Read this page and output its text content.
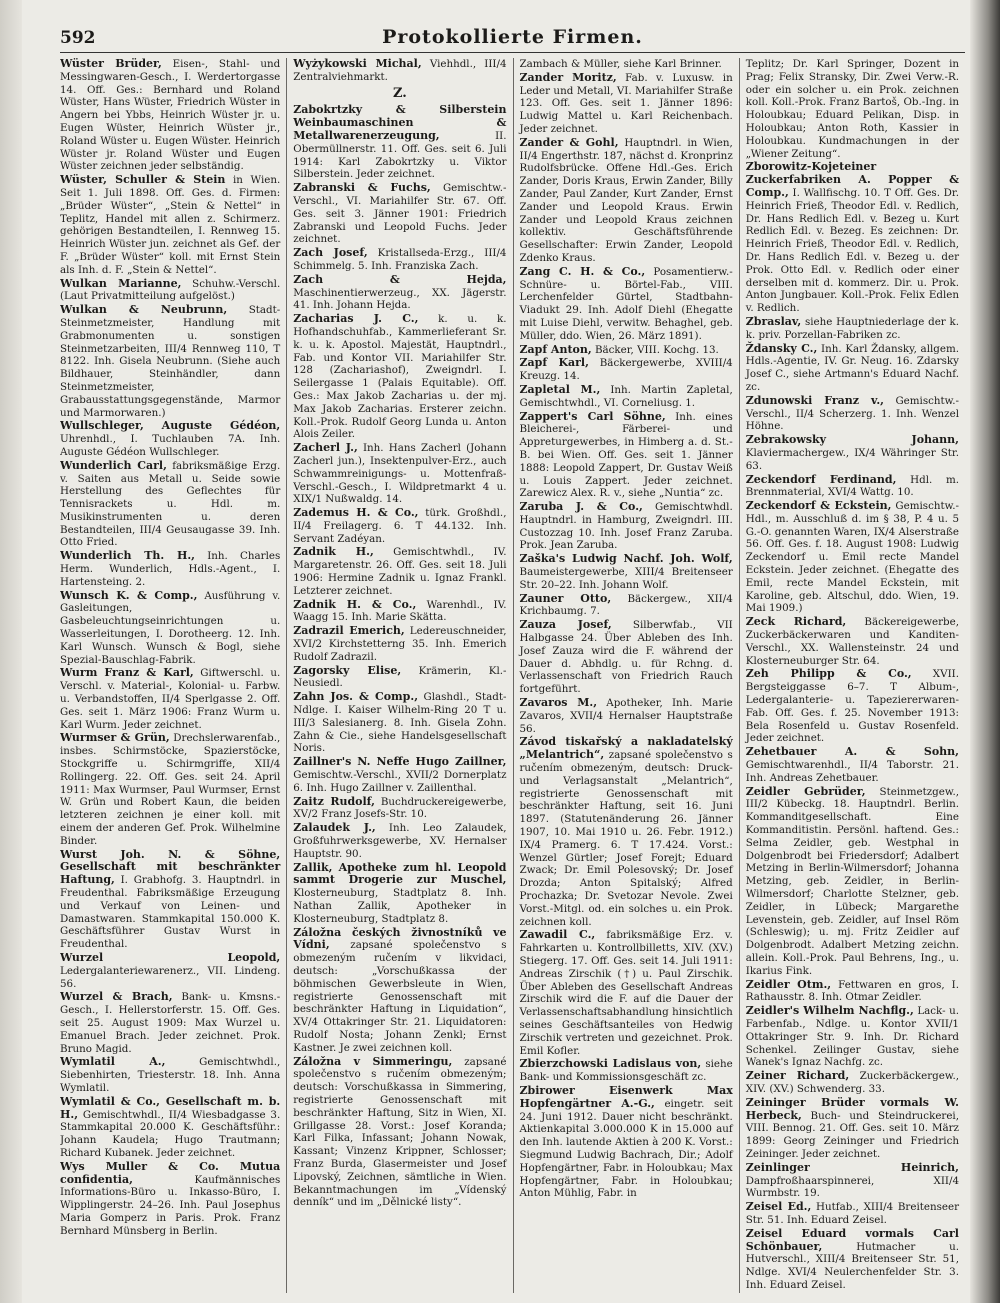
592	Protokollierte Firmen.

Wüster Brüder, Eisen-, Stahl- und Messingwaren-Gesch., I. Werdertorgasse 14. Off. Ges.: Bernhard und Roland Wüster, Hans Wüster, Friedrich Wüster in Angern bei Ybbs, Heinrich Wüster jr. u. Eugen Wüster, Heinrich Wüster jr., Roland Wüster u. Eugen Wüster. Heinrich Wüster jr. Roland Wüster und Eugen Wüster zeichnen jeder selbständig.

Wüster, Schuller & Stein in Wien. Seit 1. Juli 1898. Off. Ges. d. Firmen: „Brüder Wüster“, „Stein & Nettel“ in Teplitz, Handel mit allen z. Schirmerz. gehörigen Bestandteilen, I. Rennweg 15. Heinrich Wüster jun. zeichnet als Gef. der F. „Brüder Wüster“ koll. mit Ernst Stein als Inh. d. F. „Stein & Nettel“.

Wulkan Marianne, Schuhw.-Verschl. (Laut Privatmitteilung aufgelöst.)

Wulkan & Neubrunn, Stadt-Steinmetzmeister, Handlung mit Grabmonumenten u. sonstigen Steinmetzarbeiten, III/4 Rennweg 110, T 8122. Inh. Gisela Neubrunn. (Siehe auch Bildhauer, Steinhändler, dann Steinmetzmeister, Grabausstattungsgegenstände, Marmor und Marmorwaren.)

Wullschleger, Auguste Gédéon, Uhrenhdl., I. Tuchlauben 7A. Inh. Auguste Gédéon Wullschleger.

Wunderlich Carl, fabriksmäßige Erzg. v. Saiten aus Metall u. Seide sowie Herstellung des Geflechtes für Tennisrackets u. Hdl. m. Musikinstrumenten u. deren Bestandteilen, III/4 Geusaugasse 39. Inh. Otto Fried.

Wunderlich Th. H., Inh. Charles Herm. Wunderlich, Hdls.-Agent., I. Hartensteing. 2.

Wunsch K. & Comp., Ausführung v. Gasleitungen, Gasbeleuchtungseinrichtungen u. Wasserleitungen, I. Dorotheerg. 12. Inh. Karl Wunsch. Wunsch & Bogl, siehe Spezial-Bauschlag-Fabrik.

Wurm Franz & Karl, Giftwerschl. u. Verschl. v. Material-, Kolonial- u. Farbw. u. Verbandstoffen, II/4 Sperlgasse 2. Off. Ges. seit 1. März 1906: Franz Wurm u. Karl Wurm. Jeder zeichnet.

Wurmser & Grün, Drechslerwarenfab., insbes. Schirmstöcke, Spazierstöcke, Stockgriffe u. Schirmgriffe, XII/4 Rollingerg. 22. Off. Ges. seit 24. April 1911: Max Wurmser, Paul Wurmser, Ernst W. Grün und Robert Kaun, die beiden letzteren zeichnen je einer koll. mit einem der anderen Gef. Prok. Wilhelmine Binder.

Wurst Joh. N. & Söhne, Gesellschaft mit beschränkter Haftung, I. Grabhofg. 3. Hauptndrl. in Freudenthal. Fabriksmäßige Erzeugung und Verkauf von Leinen- und Damastwaren. Stammkapital 150.000 K. Geschäftsführer Gustav Wurst in Freudenthal.

Wurzel Leopold, Ledergalanteriewarenerz., VII. Lindeng. 56.

Wurzel & Brach, Bank- u. Kmsns.-Gesch., I. Hellerstorferstr. 15. Off. Ges. seit 25. August 1909: Max Wurzel u. Emanuel Brach. Jeder zeichnet. Prok. Bruno Magid.

Wymlatil A., Gemischtwhdl., Siebenhirten, Triesterstr. 18. Inh. Anna Wymlatil.

Wymlatil & Co., Gesellschaft m. b. H., Gemischtwhdl., II/4 Wiesbadgasse 3. Stammkapital 20.000 K. Geschäftsführ.: Johann Kaudela; Hugo Trautmann; Richard Kubanek. Jeder zeichnet.

Wys Muller & Co. Mutua confidentia, Kaufmännisches Informations-Büro u. Inkasso-Büro, I. Wipplingerstr. 24–26. Inh. Paul Josephus Maria Gomperz in Paris. Prok. Franz Bernhard Münsberg in Berlin.

Wyżykowski Michal, Viehhdl., III/4 Zentralviehmarkt.

Z.

Zabokrtzky & Silberstein Weinbaumaschinen & Metallwarenerzeugung, II. Obermüllnerstr. 11. Off. Ges. seit 6. Juli 1914: Karl Zabokrtzky u. Viktor Silberstein. Jeder zeichnet.

Zabranski & Fuchs, Gemischtw.-Verschl., VI. Mariahilfer Str. 67. Off. Ges. seit 3. Jänner 1901: Friedrich Zabranski und Leopold Fuchs. Jeder zeichnet.

Zach Josef, Kristallseda-Erzg., III/4 Schimmelg. 5. Inh. Franziska Zach.

Zach & Hejda, Maschinentierwerzeug., XX. Jägerstr. 41. Inh. Johann Hejda.

Zacharias J. C., k. u. k. Hofhandschuhfab., Kammerlieferant Sr. k. u. k. Apostol. Majestät, Hauptndrl., Fab. und Kontor VII. Mariahilfer Str. 128 (Zachariashof), Zweigndrl. I. Seilergasse 1 (Palais Equitable). Off. Ges.: Max Jakob Zacharias u. der mj. Max Jakob Zacharias. Ersterer zeichn. Koll.-Prok. Rudolf Georg Lunda u. Anton Alois Zeiler.

Zacherl J., Inh. Hans Zacherl (Johann Zacherl jun.), Insektenpulver-Erz., auch Schwammreinigungs- u. Mottenfraß-Verschl.-Gesch., I. Wildpretmarkt 4 u. XIX/1 Nußwaldg. 14.

Zademus H. & Co., türk. Großhdl., II/4 Freilagerg. 6. T 44.132. Inh. Servant Zadéyan.

Zadnik H., Gemischtwhdl., IV. Margaretenstr. 26. Off. Ges. seit 18. Juli 1906: Hermine Zadnik u. Ignaz Frankl. Letzterer zeichnet.

Zadnik H. & Co., Warenhdl., IV. Waagg 15. Inh. Marie Skätta.

Zadrazil Emerich, Ledereuschneider, XVI/2 Kirchstetterng 35. Inh. Emerich Rudolf Zadrazil.

Zagorsky Elise, Krämerin, Kl.-Neusiedl.

Zahn Jos. & Comp., Glashdl., Stadt-Ndlge. I. Kaiser Wilhelm-Ring 20 T u. III/3 Salesianerg. 8. Inh. Gisela Zohn. Zahn & Cie., siehe Handelsgesellschaft Noris.

Zaillner's N. Neffe Hugo Zaillner, Gemischtw.-Verschl., XVII/2 Dornerplatz 6. Inh. Hugo Zaillner v. Zaillenthal.

Zaitz Rudolf, Buchdruckereigewerbe, XV/2 Franz Josefs-Str. 10.

Zalaudek J., Inh. Leo Zalaudek, Großfuhrwerksgewerbe, XV. Hernalser Hauptstr. 90.

Zallik, Apotheke zum hl. Leopold sammt Drogerie zur Muschel, Klosterneuburg, Stadtplatz 8. Inh. Nathan Zallik, Apotheker in Klosterneuburg, Stadtplatz 8.

Záložna českých živnostníků ve Vídni, zapsané společenstvo s obmezeným ručením v likvidaci, deutsch: „Vorschußkassa der böhmischen Gewerbsleute in Wien, registrierte Genossenschaft mit beschränkter Haftung in Liquidation“, XV/4 Ottakringer Str. 21. Liquidatoren: Rudolf Nosta; Johann Zenkl; Ernst Kastner. Je zwei zeichnen koll.

Záložna v Simmeringu, zapsané společenstvo s ručením obmezeným; deutsch: Vorschußkassa in Simmering, registrierte Genossenschaft mit beschränkter Haftung, Sitz in Wien, XI. Grillgasse 28. Vorst.: Josef Koranda; Karl Filka, Infassant; Johann Nowak, Kassant; Vinzenz Krippner, Schlosser; Franz Burda, Glasermeister und Josef Lipovský, Zeichnen, sämtliche in Wien. Bekanntmachungen im „Vídenský denník“ und im „Dělnické listy“.

Zambach & Müller, siehe Karl Brinner.

Zander Moritz, Fab. v. Luxusw. in Leder und Metall, VI. Mariahilfer Straße 123. Off. Ges. seit 1. Jänner 1896: Ludwig Mattel u. Karl Reichenbach. Jeder zeichnet.

Zander & Gohl, Hauptndrl. in Wien, II/4 Engerthstr. 187, nächst d. Kronprinz Rudolfsbrücke. Offene Hdl.-Ges. Erich Zander, Doris Kraus, Erwin Zander, Billy Zander, Paul Zander, Kurt Zander, Ernst Zander und Leopold Kraus. Erwin Zander und Leopold Kraus zeichnen kollektiv. Geschäftsführende Gesellschafter: Erwin Zander, Leopold Zdenko Kraus.

Zang C. H. & Co., Posamentierw.-Schnüre- u. Börtel-Fab., VIII. Lerchenfelder Gürtel, Stadtbahn-Viadukt 29. Inh. Adolf Diehl (Ehegatte mit Luise Diehl, verwitw. Behaghel, geb. Müller, ddo. Wien, 26. März 1891).

Zapf Anton, Bäcker, VIII. Kochg. 13.

Zapf Karl, Bäckergewerbe, XVIII/4 Kreuzg. 14.

Zapletal M., Inh. Martin Zapletal, Gemischtwhdl., VI. Corneliusg. 1.

Zappert's Carl Söhne, Inh. eines Bleicherei-, Färberei- und Appreturgewerbes, in Himberg a. d. St.-B. bei Wien. Off. Ges. seit 1. Jänner 1888: Leopold Zappert, Dr. Gustav Weiß u. Louis Zappert. Jeder zeichnet. Zarewicz Alex. R. v., siehe „Nuntia“ zc.

Zaruba J. & Co., Gemischtwhdl. Hauptndrl. in Hamburg, Zweigndrl. III. Custozzag 10. Inh. Josef Franz Zaruba. Prok. Jean Zaruba.

Zaška's Ludwig Nachf. Joh. Wolf, Baumeistergewerbe, XIII/4 Breitenseer Str. 20–22. Inh. Johann Wolf.

Zauner Otto, Bäckergew., XII/4 Krichbaumg. 7.

Zauza Josef, Silberwfab., VII Halbgasse 24. Über Ableben des Inh. Josef Zauza wird die F. während der Dauer d. Abhdlg. u. für Rchng. d. Verlassenschaft von Friedrich Rauch fortgeführt.

Zavaros M., Apotheker, Inh. Marie Zavaros, XVII/4 Hernalser Hauptstraße 56.

Závod tiskařský a nakladatelský „Melantrich“, zapsané společenstvo s ručením obmezeným, deutsch: Druck- und Verlagsanstalt „Melantrich“, registrierte Genossenschaft mit beschränkter Haftung, seit 16. Juni 1897. (Statutenänderung 26. Jänner 1907, 10. Mai 1910 u. 26. Febr. 1912.) IX/4 Pramerg. 6. T 17.424. Vorst.: Wenzel Gürtler; Josef Forejt; Eduard Zwack; Dr. Emil Polesovský; Dr. Josef Drozda; Anton Spitalský; Alfred Prochazka; Dr. Svetozar Nevole. Zwei Vorst.-Mitgl. od. ein solches u. ein Prok. zeichnen koll.

Zawadil C., fabriksmäßige Erz. v. Fahrkarten u. Kontrollbilletts, XIV. (XV.) Stiegerg. 17. Off. Ges. seit 14. Juli 1911: Andreas Zirschik (†) u. Paul Zirschik. Über Ableben des Gesellschaft Andreas Zirschik wird die F. auf die Dauer der Verlassenschaftsabhandlung hinsichtlich seines Geschäftsanteiles von Hedwig Zirschik vertreten und gezeichnet. Prok. Emil Kofler.

Zbierzchowski Ladislaus von, siehe Bank- und Kommissionsgeschäft zc.

Zbirower Eisenwerk Max Hopfengärtner A.-G., eingetr. seit 24. Juni 1912. Dauer nicht beschränkt. Aktienkapital 3.000.000 K in 15.000 auf den Inh. lautende Aktien à 200 K. Vorst.: Siegmund Ludwig Bachrach, Dir.; Adolf Hopfengärtner, Fabr. in Holoubkau; Max Hopfengärtner, Fabr. in Holoubkau; Anton Mühlig, Fabr. in

Teplitz; Dr. Karl Springer, Dozent in Prag; Felix Stransky, Dir. Zwei Verw.-R. oder ein solcher u. ein Prok. zeichnen koll. Koll.-Prok. Franz Bartoš, Ob.-Ing. in Holoubkau; Eduard Pelikan, Disp. in Holoubkau; Anton Roth, Kassier in Holoubkau. Kundmachungen in der „Wiener Zeitung“.

Zborowitz-Kojeteiner Zuckerfabriken A. Popper & Comp., I. Wallfischg. 10. T Off. Ges. Dr. Heinrich Frieß, Theodor Edl. v. Redlich, Dr. Hans Redlich Edl. v. Bezeg u. Kurt Redlich Edl. v. Bezeg. Es zeichnen: Dr. Heinrich Frieß, Theodor Edl. v. Redlich, Dr. Hans Redlich Edl. v. Bezeg u. der Prok. Otto Edl. v. Redlich oder einer derselben mit d. kommerz. Dir. u. Prok. Anton Jungbauer. Koll.-Prok. Felix Edlen v. Redlich.

Zbraslav, siehe Hauptniederlage der k. k. priv. Porzellan-Fabriken zc.

Ždansky C., Inh. Karl Ždansky, allgem. Hdls.-Agentie, IV. Gr. Neug. 16. Zdarsky Josef C., siehe Artmann's Eduard Nachf. zc.

Zdunowski Franz v., Gemischtw.-Verschl., II/4 Scherzerg. 1. Inh. Wenzel Höhne.

Zebrakowsky Johann, Klaviermachergew., IX/4 Währinger Str. 63.

Zeckendorf Ferdinand, Hdl. m. Brennmaterial, XVI/4 Wattg. 10.

Zeckendorf & Eckstein, Gemischtw.-Hdl., m. Ausschluß d. im § 38, P. 4 u. 5 G.-O. genannten Waren, IX/4 Alserstraße 56. Off. Ges. f. 18. August 1908: Ludwig Zeckendorf u. Emil recte Mandel Eckstein. Jeder zeichnet. (Ehegatte des Emil, recte Mandel Eckstein, mit Karoline, geb. Altschul, ddo. Wien, 19. Mai 1909.)

Zeck Richard, Bäckereigewerbe, Zuckerbäckerwaren und Kanditen-Verschl., XX. Wallensteinstr. 24 und Klosterneuburger Str. 64.

Zeh Philipp & Co., XVII. Bergsteiggasse 6–7. T Album-, Ledergalanterie- u. Tapeziererwaren-Fab. Off. Ges. f. 25. November 1913: Bela Rosenfeld u. Gustav Rosenfeld. Jeder zeichnet.

Zehetbauer A. & Sohn, Gemischtwarenhdl., II/4 Taborstr. 21. Inh. Andreas Zehetbauer.

Zeidler Gebrüder, Steinmetzgew., III/2 Kübeckg. 18. Hauptndrl. Berlin. Kommanditgesellschaft. Eine Kommanditistin. Persönl. haftend. Ges.: Selma Zeidler, geb. Westphal in Dolgenbrodt bei Friedersdorf; Adalbert Metzing in Berlin-Wilmersdorf; Johanna Metzing, geb. Zeidler, in Berlin-Wilmersdorf; Charlotte Stelzner, geb. Zeidler, in Lübeck; Margarethe Levenstein, geb. Zeidler, auf Insel Röm (Schleswig); u. mj. Fritz Zeidler auf Dolgenbrodt. Adalbert Metzing zeichn. allein. Koll.-Prok. Paul Behrens, Ing., u. Ikarius Fink.

Zeidler Otm., Fettwaren en gros, I. Rathausstr. 8. Inh. Otmar Zeidler.

Zeidler's Wilhelm Nachflg., Lack- u. Farbenfab., Ndlge. u. Kontor XVII/1 Ottakringer Str. 9. Inh. Dr. Richard Schenkel. Zeilinger Gustav, siehe Wanek's Ignaz Nachfg. zc.

Zeiner Richard, Zuckerbäckergew., XIV. (XV.) Schwenderg. 33.

Zeininger Brüder vormals W. Herbeck, Buch- und Steindruckerei, VIII. Bennog. 21. Off. Ges. seit 10. März 1899: Georg Zeininger und Friedrich Zeininger. Jeder zeichnet.

Zeinlinger Heinrich, Dampfroßhaarspinnerei, XII/4 Wurmbstr. 19.

Zeisel Ed., Hutfab., XIII/4 Breitenseer Str. 51. Inh. Eduard Zeisel.

Zeisel Eduard vormals Carl Schönbauer, Hutmacher u. Hutverschl., XIII/4 Breitenseer Str. 51, Ndlge. XVI/4 Neulerchenfelder Str. 3. Inh. Eduard Zeisel.
